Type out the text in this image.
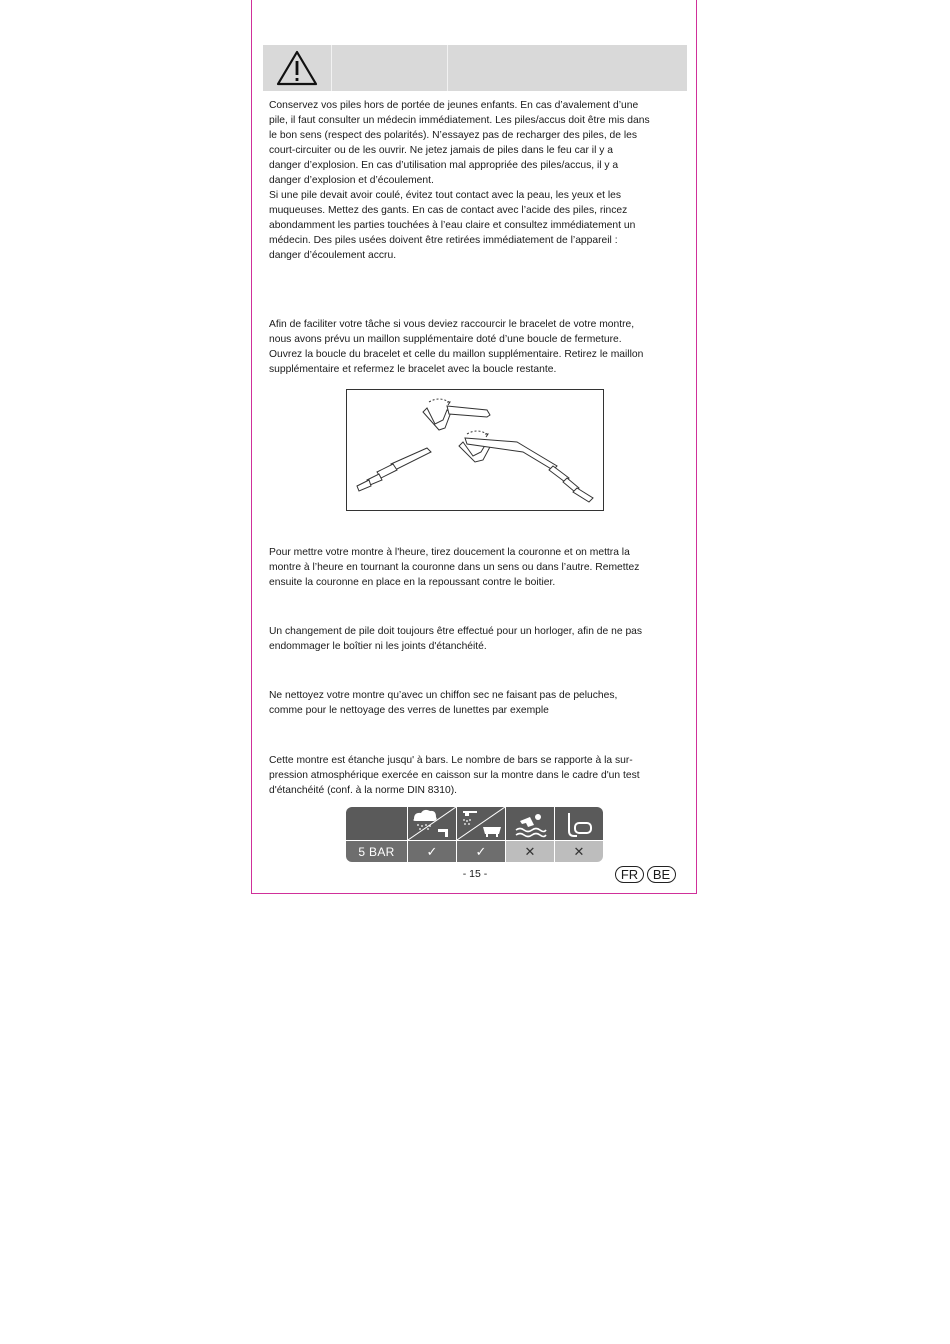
Conservez vos piles hors de portée de jeunes enfants. En cas d’avalement d’une
pile, il faut consulter un médecin immédiatement. Les piles/accus doit être mis dans
le bon sens (respect des polarités). N’essayez pas de recharger des piles, de les
court-circuiter ou de les ouvrir. Ne jetez jamais de piles dans le feu car il y a
danger d’explosion. En cas d’utilisation mal appropriée des piles/accus, il y a
danger d’explosion et d’écoulement.
Si une pile devait avoir coulé, évitez tout contact avec la peau, les yeux et les
muqueuses. Mettez des gants. En cas de contact avec l’acide des piles, rincez
abondamment les parties touchées à l’eau claire et consultez immédiatement un
médecin. Des piles usées doivent être retirées immédiatement de l’appareil :
danger d’écoulement accru.

Afin de faciliter votre tâche si vous deviez raccourcir le bracelet de votre montre,
nous avons prévu un maillon supplémentaire doté d’une boucle de fermeture.
Ouvrez la boucle du bracelet et celle du maillon supplémentaire. Retirez le maillon
supplémentaire et refermez le bracelet avec la boucle restante.

Pour mettre votre montre à l'heure, tirez doucement la couronne et on mettra la
montre à l’heure en tournant la couronne dans un sens ou dans l’autre. Remettez
ensuite la couronne en place en la repoussant contre le boitier.

Un changement de pile doit toujours être effectué pour un horloger, afin de ne pas
endommager le boîtier ni les joints d'étanchéité.

Ne nettoyez votre montre qu’avec un chiffon sec ne faisant pas de peluches,
comme pour le nettoyage des verres de lunettes par exemple

Cette montre est étanche jusqu' à bars. Le nombre de bars se rapporte à la sur-
pression atmosphérique exercée en caisson sur la montre dans le cadre d'un test
d'étanchéité (conf. à la norme DIN 8310).

5 BAR ✓	✓	✕	✕
- 15 -	FR	BE
